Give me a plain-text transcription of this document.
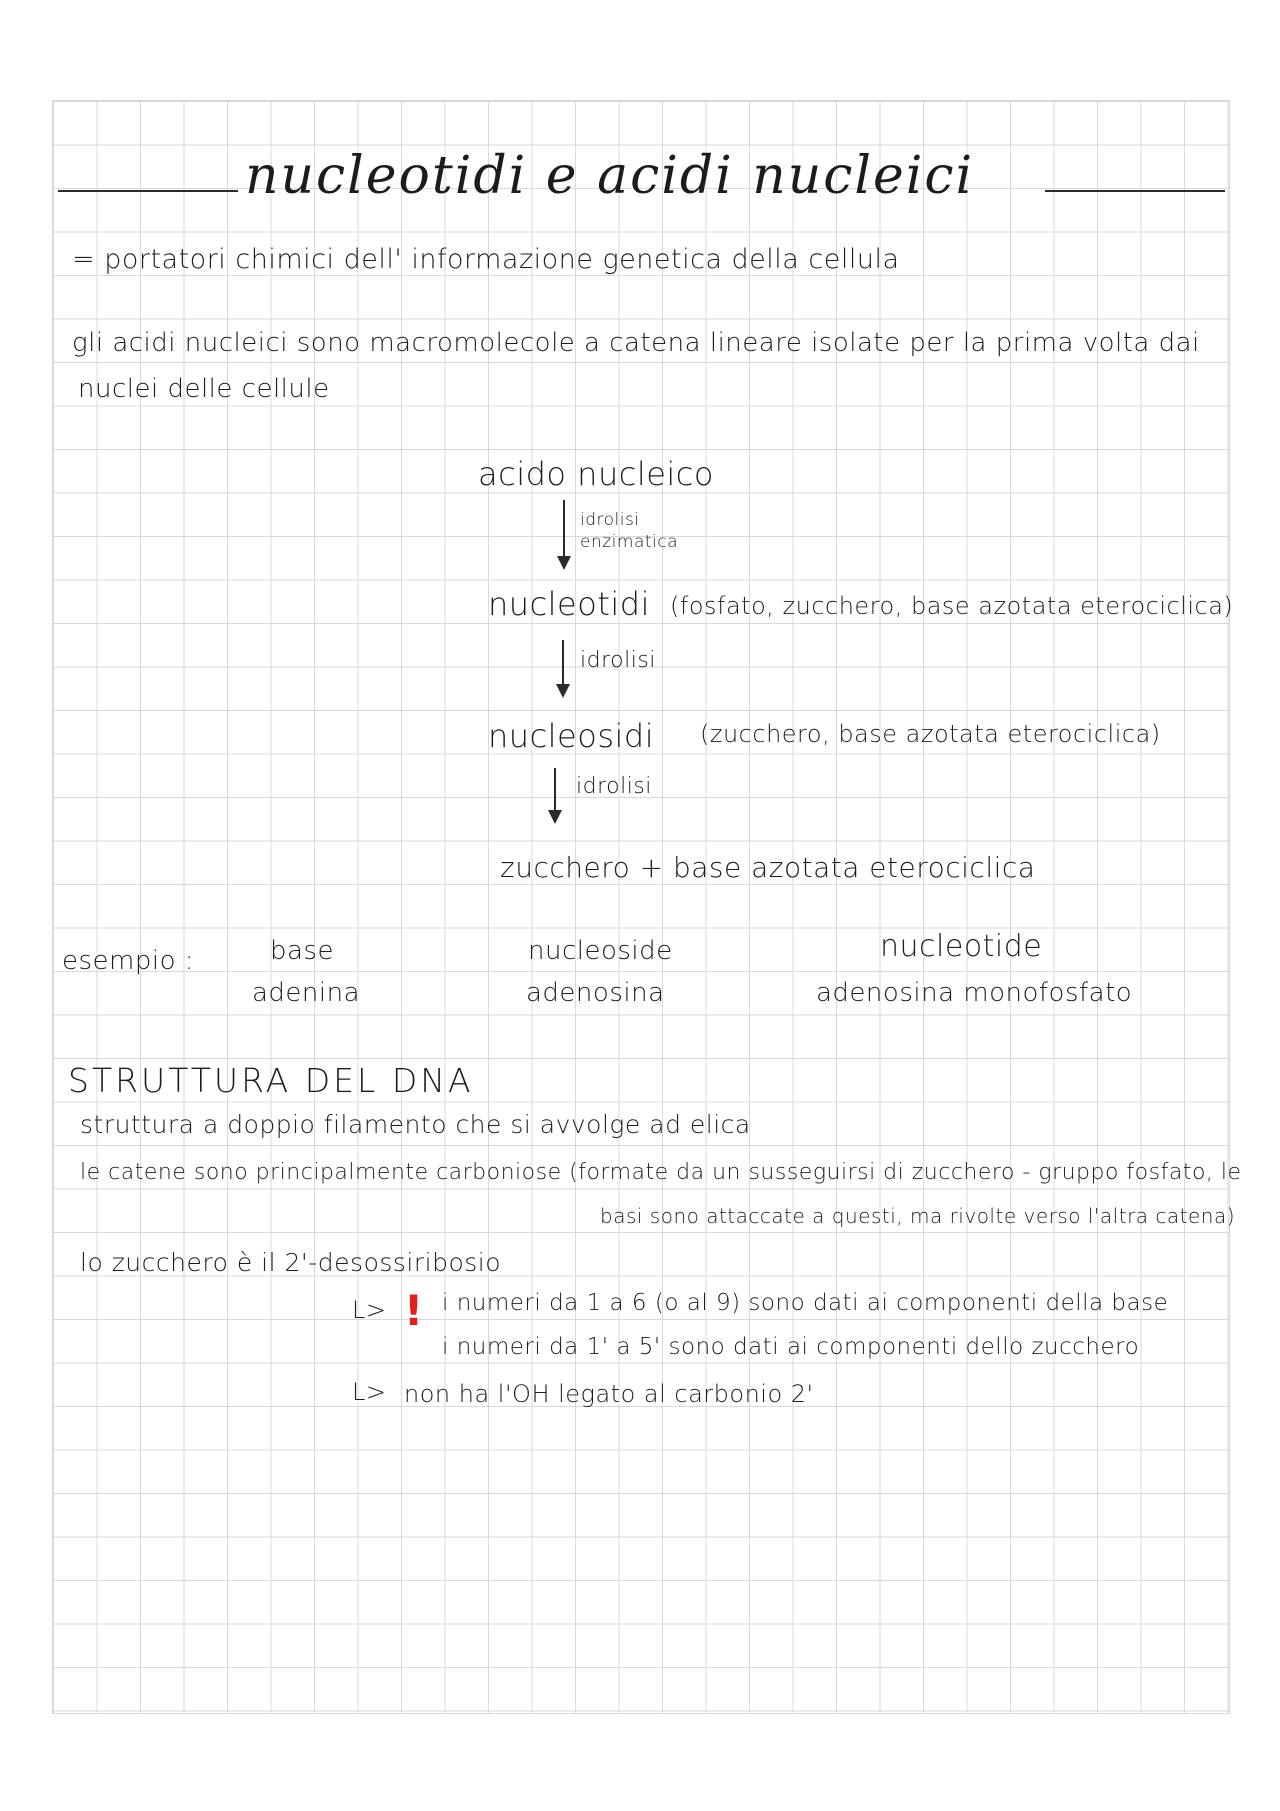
nucleotidi e acidi nucleici
= portatori chimici dell' informazione genetica della cellula
gli acidi nucleici sono macromolecole a catena lineare isolate per la prima volta dai
nuclei delle cellule
acido nucleico
idrolisi
enzimatica
nucleotidi (fosfato, zucchero, base azotata eterociclica)
idrolisi
nucleosidi (zucchero, base azotata eterociclica)
idrolisi
zucchero + base azotata eterociclica
esempio :	base
adenina
nucleoside
adenosina
nucleotide
adenosina monofosfato
STRUTTURA DEL DNA
struttura a doppio filamento che si avvolge ad elica
le catene sono principalmente carboniose (formate da un susseguirsi di zucchero - gruppo fosfato, le
basi sono attaccate a questi, ma rivolte verso l'altra catena)
lo zucchero è il 2'-desossiribosio
L> ! i numeri da 1 a 6 (o al 9) sono dati ai componenti della base
i numeri da 1' a 5' sono dati ai componenti dello zucchero
L> non ha l'OH legato al carbonio 2'
